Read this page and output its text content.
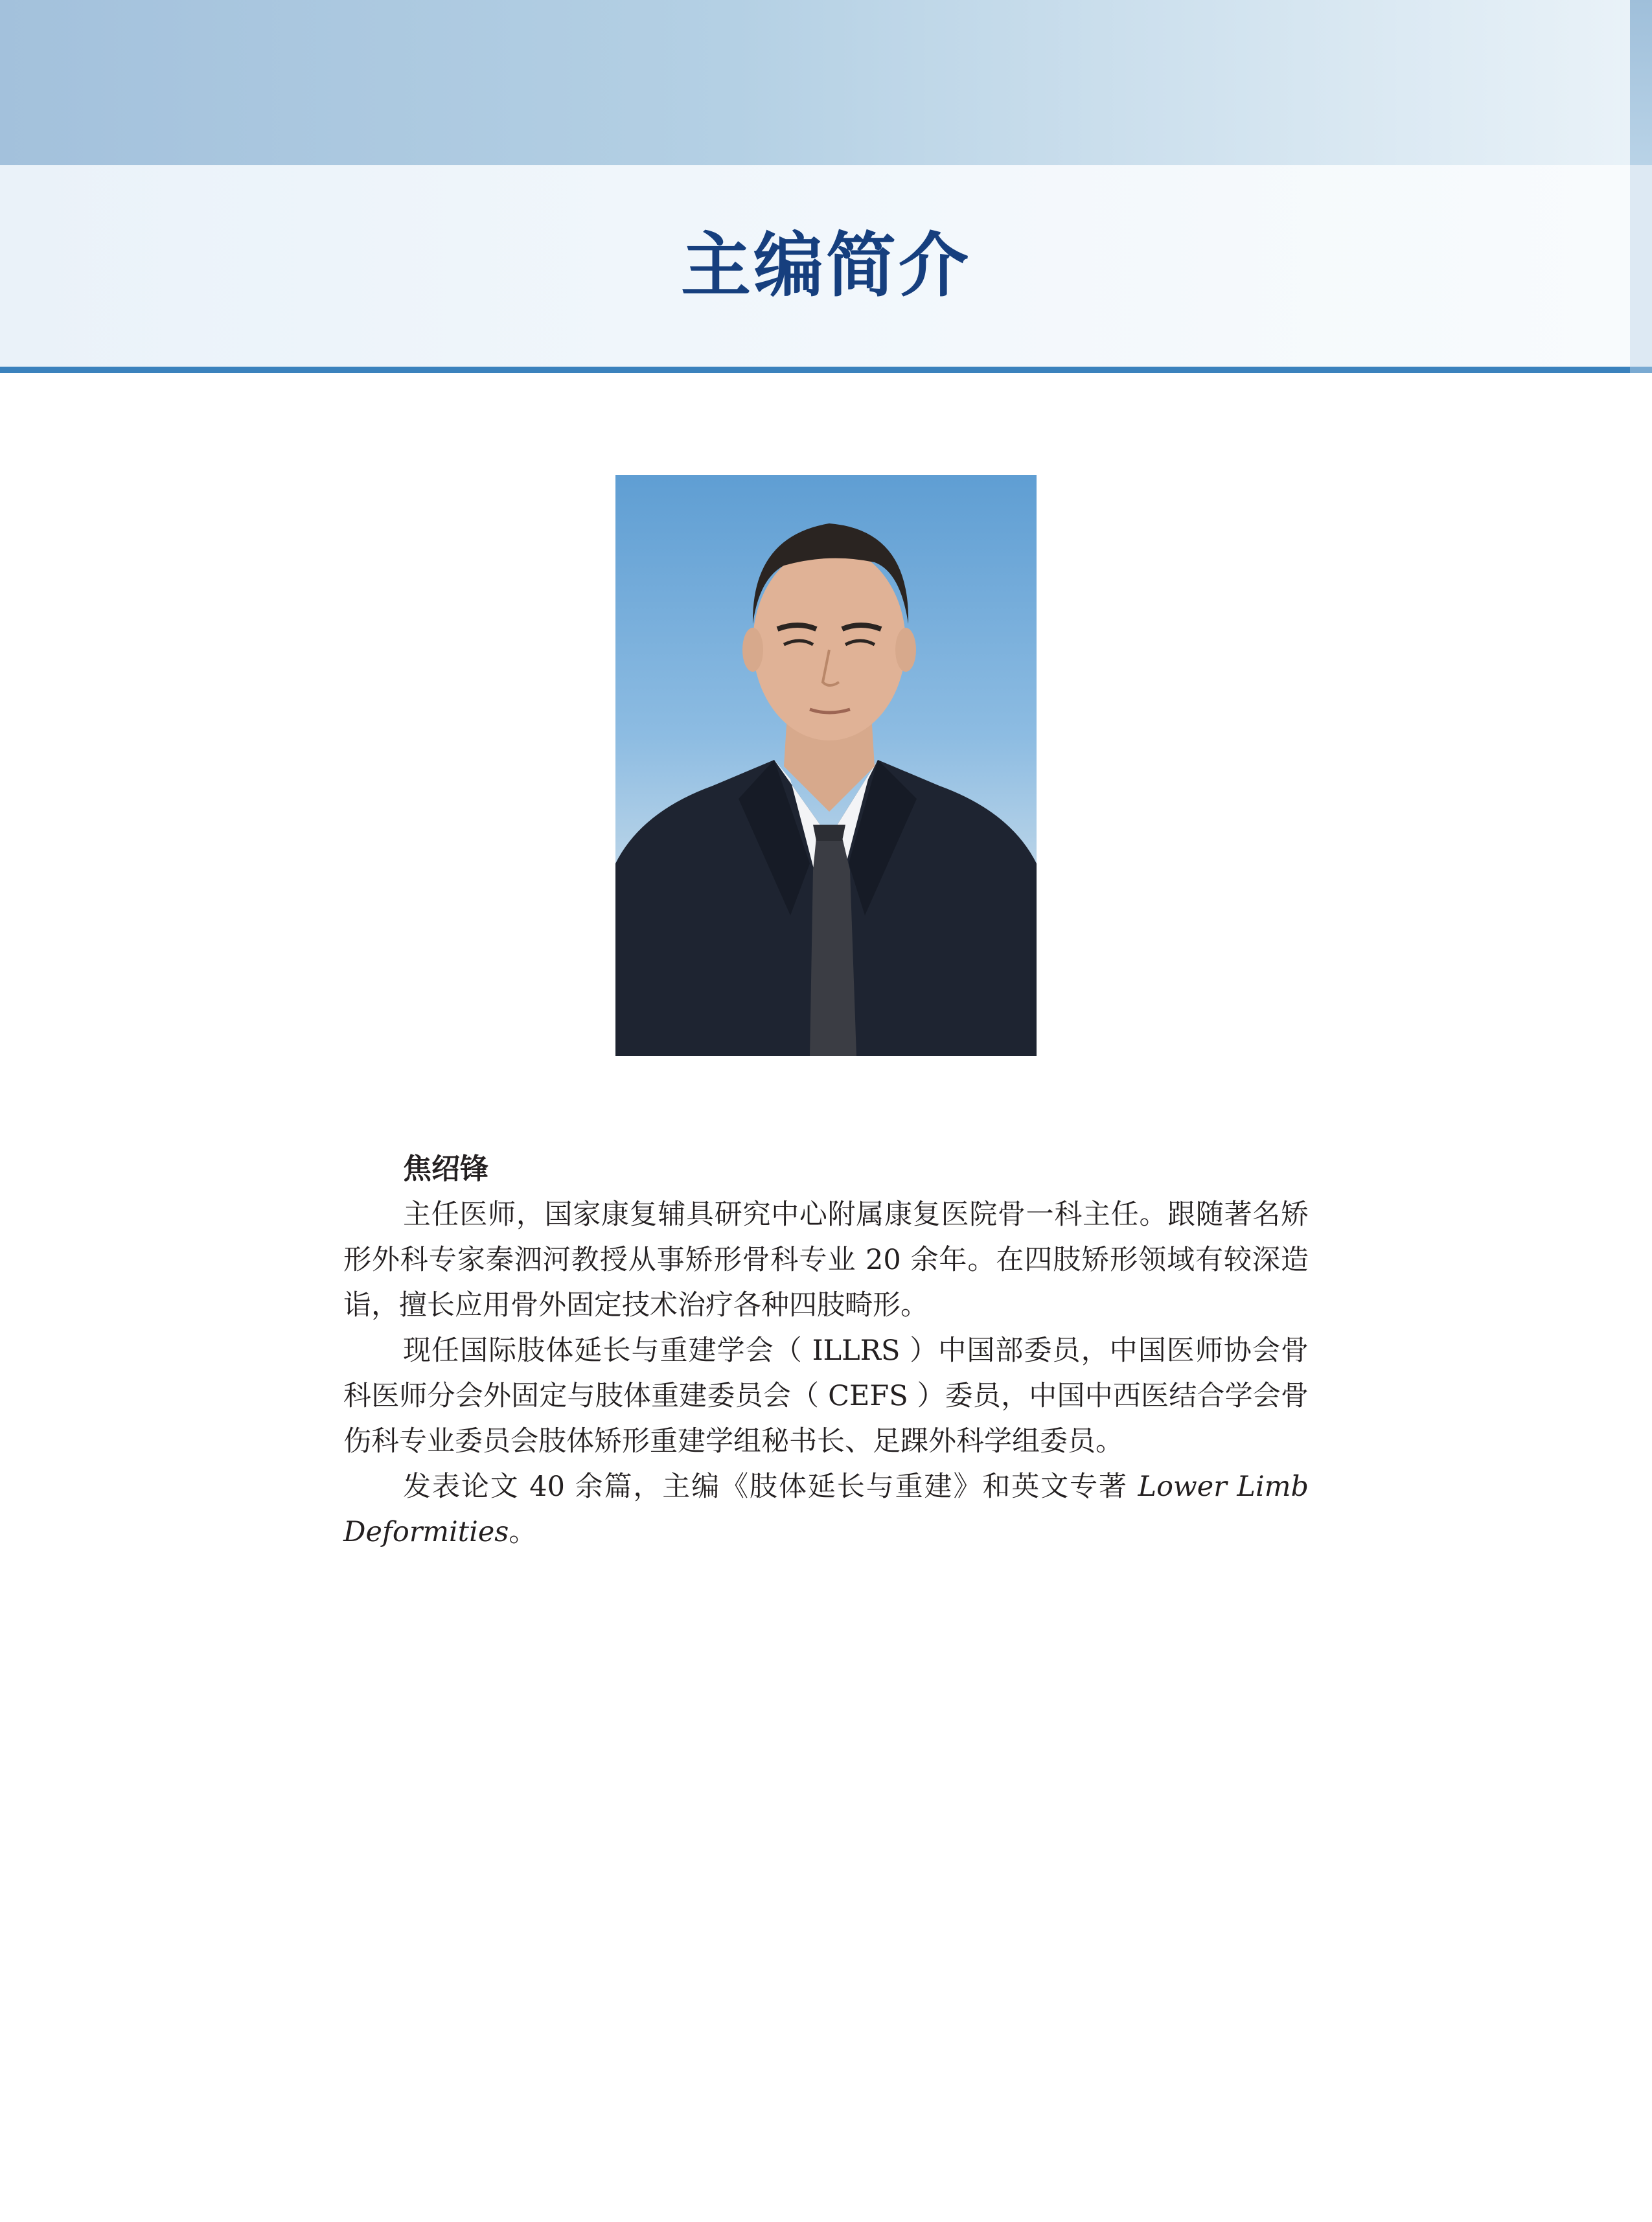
主编简介
焦绍锋

主任医师，国家康复辅具研究中心附属康复医院骨一科主任。跟随著名矫形外科专家秦泗河教授从事矫形骨科专业 20 余年。在四肢矫形领域有较深造诣，擅长应用骨外固定技术治疗各种四肢畸形。

现任国际肢体延长与重建学会（ ILLRS ）中国部委员，中国医师协会骨科医师分会外固定与肢体重建委员会（ CEFS ）委员，中国中西医结合学会骨伤科专业委员会肢体矫形重建学组秘书长、足踝外科学组委员。

发表论文 40 余篇，主编《肢体延长与重建》和英文专著 Lower Limb Deformities。
